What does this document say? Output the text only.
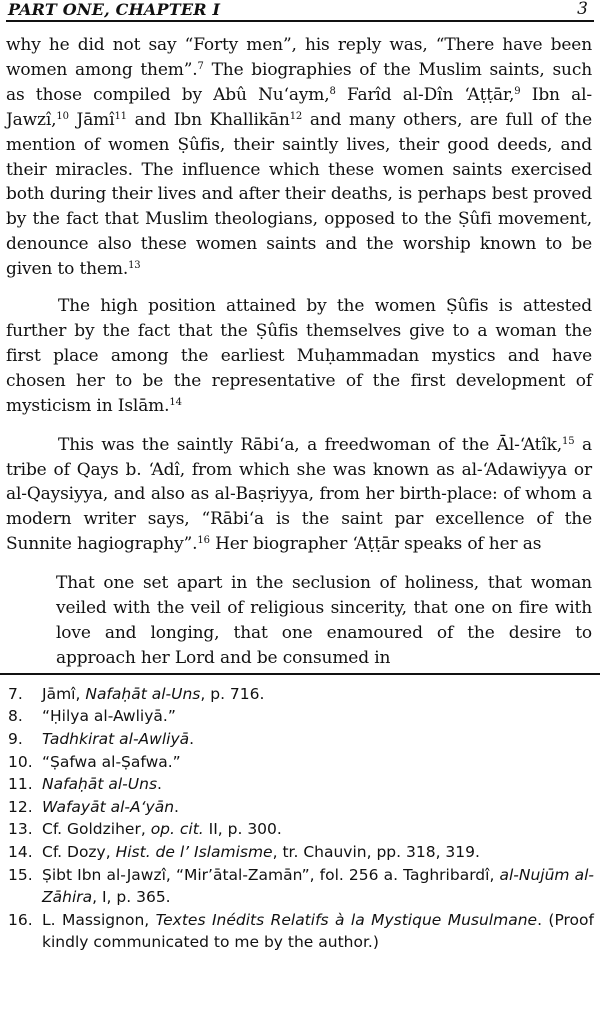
PART ONE, CHAPTER I	3

why he did not say “Forty men”, his reply was, “There have been women among them”.$^7$ The biographies of the Muslim saints, such as those compiled by Abû Nu‘aym,$^8$ Farîd al-Dîn ‘Aṭṭār,$^9$ Ibn al-Jawzî,$^{10}$ Jāmî$^{11}$ and Ibn Khallikān$^{12}$ and many others, are full of the mention of women Ṣûfis, their saintly lives, their good deeds, and their miracles. The influence which these women saints exercised both during their lives and after their deaths, is perhaps best proved by the fact that Muslim theologians, opposed to the Ṣûfi movement, denounce also these women saints and the worship known to be given to them.$^{13}$

The high position attained by the women Ṣûfis is attested further by the fact that the Ṣûfis themselves give to a woman the first place among the earliest Muḥammadan mystics and have chosen her to be the representative of the first development of mysticism in Islām.$^{14}$

This was the saintly Rābi‘a, a freedwoman of the Āl-‘Atîk,$^{15}$ a tribe of Qays b. ‘Adî, from which she was known as al-‘Adawiyya or al-Qaysiyya, and also as al-Baṣriyya, from her birth-place: of whom a modern writer says, “Rābi‘a is the saint par excellence of the Sunnite hagiography”.$^{16}$ Her biographer ‘Aṭṭār speaks of her as

That one set apart in the seclusion of holiness, that woman veiled with the veil of religious sincerity, that one on fire with love and longing, that one enamoured of the desire to approach her Lord and be consumed in
7.	Jāmî, Nafaḥāt al-Uns, p. 716.
8.	“Ḥilya al-Awliyā.”
9.	Tadhkirat al-Awliyā.
10. “Ṣafwa al-Ṣafwa.”
11. Nafaḥāt al-Uns.
12. Wafayāt al-A‘yān.
13. Cf. Goldziher, op. cit. II, p. 300.
14. Cf. Dozy, Hist. de l’ Islamisme, tr. Chauvin, pp. 318, 319.
15. Ṣibt Ibn al-Jawzî, “Mir’ātal-Zamān”, fol. 256 a. Taghribardî, al-Nujūm al-Zāhira, I, p. 365.
16. L. Massignon, Textes Inédits Relatifs à la Mystique Musulmane. (Proof kindly communicated to me by the author.)
